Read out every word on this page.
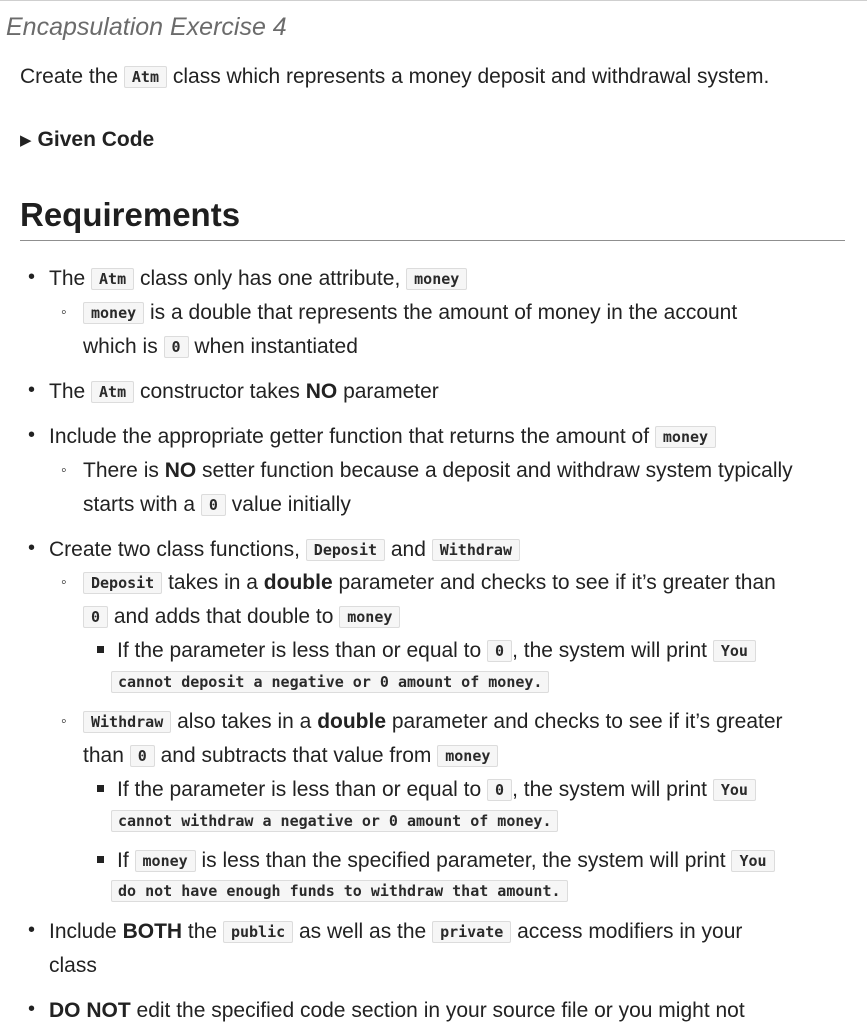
Encapsulation Exercise 4

Create the Atm class which represents a money deposit and withdrawal system.

▶ Given Code
Requirements
• The Atm class only has one attribute, money
◦	money is a double that represents the amount of money in the account
which is 0 when instantiated
• The Atm constructor takes NO parameter
• Include the appropriate getter function that returns the amount of money
◦ There is NO setter function because a deposit and withdraw system typically
starts with a 0 value initially
• Create two class functions, Deposit and Withdraw
◦	Deposit takes in a double parameter and checks to see if it’s greater than
0 and adds that double to money
If the parameter is less than or equal to 0 , the system will print You
cannot deposit a negative or 0 amount of money.
◦	Withdraw also takes in a double parameter and checks to see if it’s greater
than 0 and subtracts that value from money
If the parameter is less than or equal to 0 , the system will print You
cannot withdraw a negative or 0 amount of money.
If money is less than the specified parameter, the system will print You
do not have enough funds to withdraw that amount.
• Include BOTH the public as well as the private access modifiers in your
class
• DO NOT edit the specified code section in your source file or you might not
